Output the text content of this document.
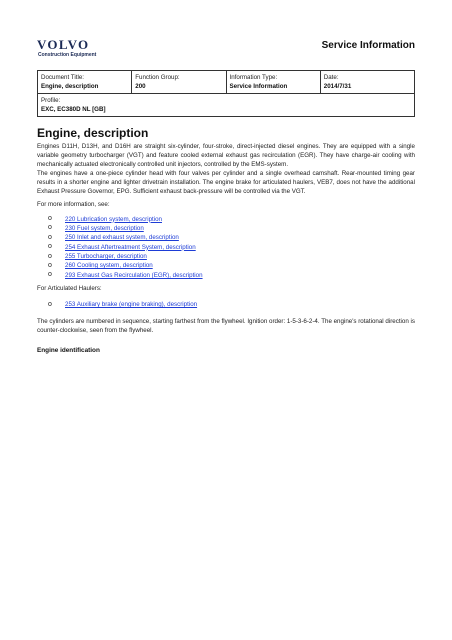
VOLVO
Construction Equipment
Service Information
Document Title:
Engine, description

Function Group:
200

Information Type:
Service Information

Date:
2014/7/31

Profile:
EXC, EC380D NL [GB]
Engine, description

Engines D11H, D13H, and D16H are straight six-cylinder, four-stroke, direct-injected diesel engines. They are equipped with a single variable geometry turbocharger (VGT) and feature cooled external exhaust gas recirculation (EGR). They have charge-air cooling with mechanically actuated electronically controlled unit injectors, controlled by the EMS-system.

The engines have a one-piece cylinder head with four valves per cylinder and a single overhead camshaft. Rear-mounted timing gear results in a shorter engine and lighter drivetrain installation. The engine brake for articulated haulers, VEB7, does not have the additional Exhaust Pressure Governor, EPG. Sufficient exhaust back-pressure will be controlled via the VGT.

For more information, see:

o	220 Lubrication system, description
o	230 Fuel system, description
o	250 Inlet and exhaust system, description
o	254 Exhaust Aftertreatment System, description
o	255 Turbocharger, description
o	260 Cooling system, description
o	293 Exhaust Gas Recirculation (EGR), description

For Articulated Haulers:

o	253 Auxiliary brake (engine braking), description

The cylinders are numbered in sequence, starting farthest from the flywheel. Ignition order: 1-5-3-6-2-4. The engine's rotational direction is counter-clockwise, seen from the flywheel.

Engine identification
